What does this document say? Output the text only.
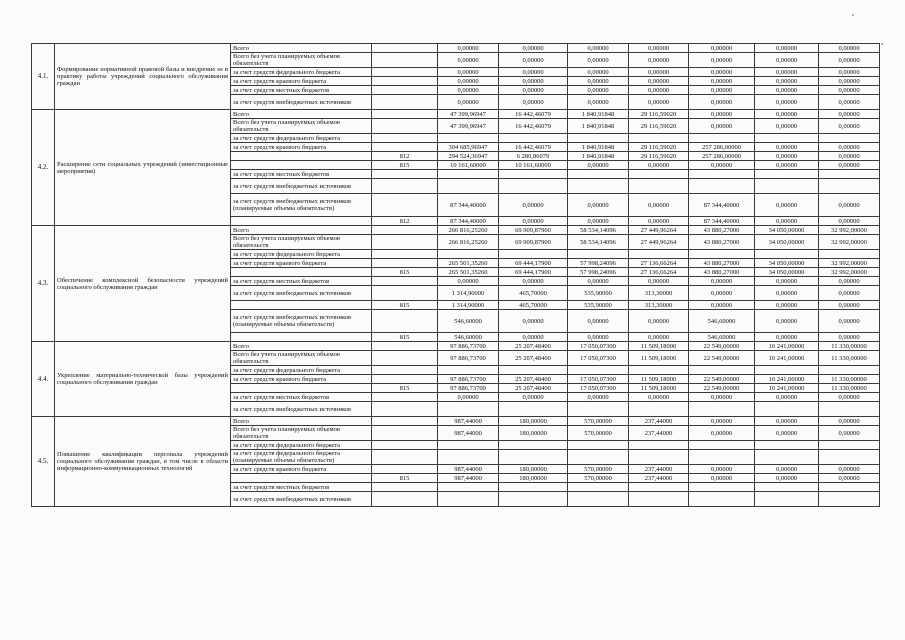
4.1.	Формирование нормативной правовой базы и внедрение ее в практику работы учреждений социального обслуживания граждан	Всего		0,00000	0,00000	0,00000	0,00000	0,00000	0,00000	0,00000
		Всего без учета планируемых объемов обязательств		0,00000	0,00000	0,00000	0,00000	0,00000	0,00000	0,00000
		за счет средств федерального бюджета		0,00000	0,00000	0,00000	0,00000	0,00000	0,00000	0,00000
		за счет средств краевого бюджета		0,00000	0,00000	0,00000	0,00000	0,00000	0,00000	0,00000
		за счет средств местных бюджетов		0,00000	0,00000	0,00000	0,00000	0,00000	0,00000	0,00000
		за счет средств внебюджетных источников		0,00000	0,00000	0,00000	0,00000	0,00000	0,00000	0,00000
4.2.	Расширение сети социальных учреждений (инвестиционные мероприятия)	Всего		47 399,96947	16 442,46079	1 840,91848	29 116,59020	0,00000	0,00000	0,00000
		Всего без учета планируемых объемов обязательств		47 399,96947	16 442,46079	1 840,91848	29 116,59020	0,00000	0,00000	0,00000
		за счет средств федерального бюджета								
		за счет средств краевого бюджета		304 685,96947	16 442,46079	1 840,91848	29 116,59020	257 286,00000	0,00000	0,00000
			812	294 524,36947	6 280,86079	1 840,91848	29 116,59020	257 286,00000	0,00000	0,00000
			815	10 161,60000	10 161,60000	0,00000	0,00000	0,00000	0,00000	0,00000
		за счет средств местных бюджетов								
		за счет средств внебюджетных источников								
		за счет средств внебюджетных источников (планируемые объемы обязательств)		87 344,40000	0,00000	0,00000	0,00000	87 344,40000	0,00000	0,00000
			812	87 344,40000	0,00000	0,00000	0,00000	87 344,40000	0,00000	0,00000
4.3.	Обеспечение комплексной безопасности учреждений социального обслуживания граждан	Всего		266 816,25260	69 909,87900	58 534,14096	27 449,96264	43 880,27000	34 050,00000	32 992,00000
		Всего без учета планируемых объемов обязательств		266 816,25260	69 909,87900	58 534,14096	27 449,96264	43 880,27000	34 050,00000	32 992,00000
		за счет средств федерального бюджета								
		за счет средств краевого бюджета		265 501,35260	69 444,17900	57 998,24096	27 136,66264	43 880,27000	34 050,00000	32 992,00000
			815	265 501,35260	69 444,17900	57 998,24096	27 136,66264	43 880,27000	34 050,00000	32 992,00000
		за счет средств местных бюджетов		0,00000	0,00000	0,00000	0,00000	0,00000	0,00000	0,00000
		за счет средств внебюджетных источников		1 314,90000	465,70000	535,90000	313,30000	0,00000	0,00000	0,00000
			815	1 314,90000	465,70000	535,90000	313,30000	0,00000	0,00000	0,00000
		за счет средств внебюджетных источников (планируемые объемы обязательств)		546,60000	0,00000	0,00000	0,00000	546,60000	0,00000	0,00000
			815	546,60000	0,00000	0,00000	0,00000	546,60000	0,00000	0,00000
4.4.	Укрепление материально-технической базы учреждений социального обслуживания граждан	Всего		97 886,73700	25 207,48400	17 050,07300	11 509,18000	22 549,00000	10 241,00000	11 330,00000
		Всего без учета планируемых объемов обязательств		97 886,73700	25 207,48400	17 050,07300	11 509,18000	22 549,00000	10 241,00000	11 330,00000
		за счет средств федерального бюджета								
		за счет средств краевого бюджета		97 886,73700	25 207,48400	17 050,07300	11 509,18000	22 549,00000	10 241,00000	11 330,00000
			815	97 886,73700	25 207,48400	17 050,07300	11 509,18000	22 549,00000	10 241,00000	11 330,00000
		за счет средств местных бюджетов		0,00000	0,00000	0,00000	0,00000	0,00000	0,00000	0,00000
		за счет средств внебюджетных источников								
4.5.	Повышение квалификации персонала учреждений социального обслуживания граждан, в том числе в области информационно-коммуникационных технологий	Всего		987,44000	180,00000	570,00000	237,44000	0,00000	0,00000	0,00000
		Всего без учета планируемых объемов обязательств		987,44000	180,00000	570,00000	237,44000	0,00000	0,00000	0,00000
		за счет средств федерального бюджета								
		за счет средств федерального бюджета (планируемые объемы обязательств)								
		за счет средств краевого бюджета		987,44000	180,00000	570,00000	237,44000	0,00000	0,00000	0,00000
			815	987,44000	180,00000	570,00000	237,44000	0,00000	0,00000	0,00000
		за счет средств местных бюджетов								
		за счет средств внебюджетных источников								
